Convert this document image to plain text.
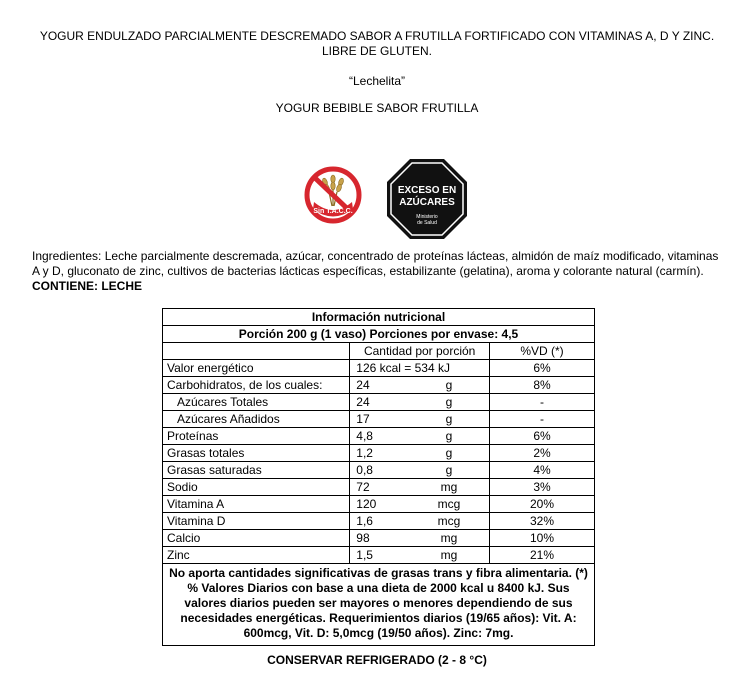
YOGUR ENDULZADO PARCIALMENTE DESCREMADO SABOR A FRUTILLA FORTIFICADO CON VITAMINAS A, D Y ZINC. LIBRE DE GLUTEN.
“Lechelita”
YOGUR BEBIBLE SABOR FRUTILLA
Sin T.A.C.C.
EXCESO EN
AZÚCARES
Ministerio
de Salud
Ingredientes: Leche parcialmente descremada, azúcar, concentrado de proteínas lácteas, almidón de maíz modificado, vitaminas A y D, gluconato de zinc, cultivos de bacterias lácticas específicas, estabilizante (gelatina), aroma y colorante natural (carmín). CONTIENE: LECHE
Información nutricional			
Porción 200 g (1 vaso) Porciones por envase: 4,5			
	Cantidad por porción		%VD (*)
Valor energético	126 kcal = 534 kJ		6%
Carbohidratos, de los cuales:	24	g	8%
Azúcares Totales	24	g	-
Azúcares Añadidos	17	g	-
Proteínas	4,8	g	6%
Grasas totales	1,2	g	2%
Grasas saturadas	0,8	g	4%
Sodio	72	mg	3%
Vitamina A	120	mcg	20%
Vitamina D	1,6	mcg	32%
Calcio	98	mg	10%
Zinc	1,5	mg	21%
No aporta cantidades significativas de grasas trans y fibra alimentaria. (*) % Valores Diarios con base a una dieta de 2000 kcal u 8400 kJ. Sus valores diarios pueden ser mayores o menores dependiendo de sus necesidades energéticas. Requerimientos diarios (19/65 años): Vit. A: 600mcg, Vit. D: 5,0mcg (19/50 años). Zinc: 7mg.			
CONSERVAR REFRIGERADO (2 - 8 °C)
